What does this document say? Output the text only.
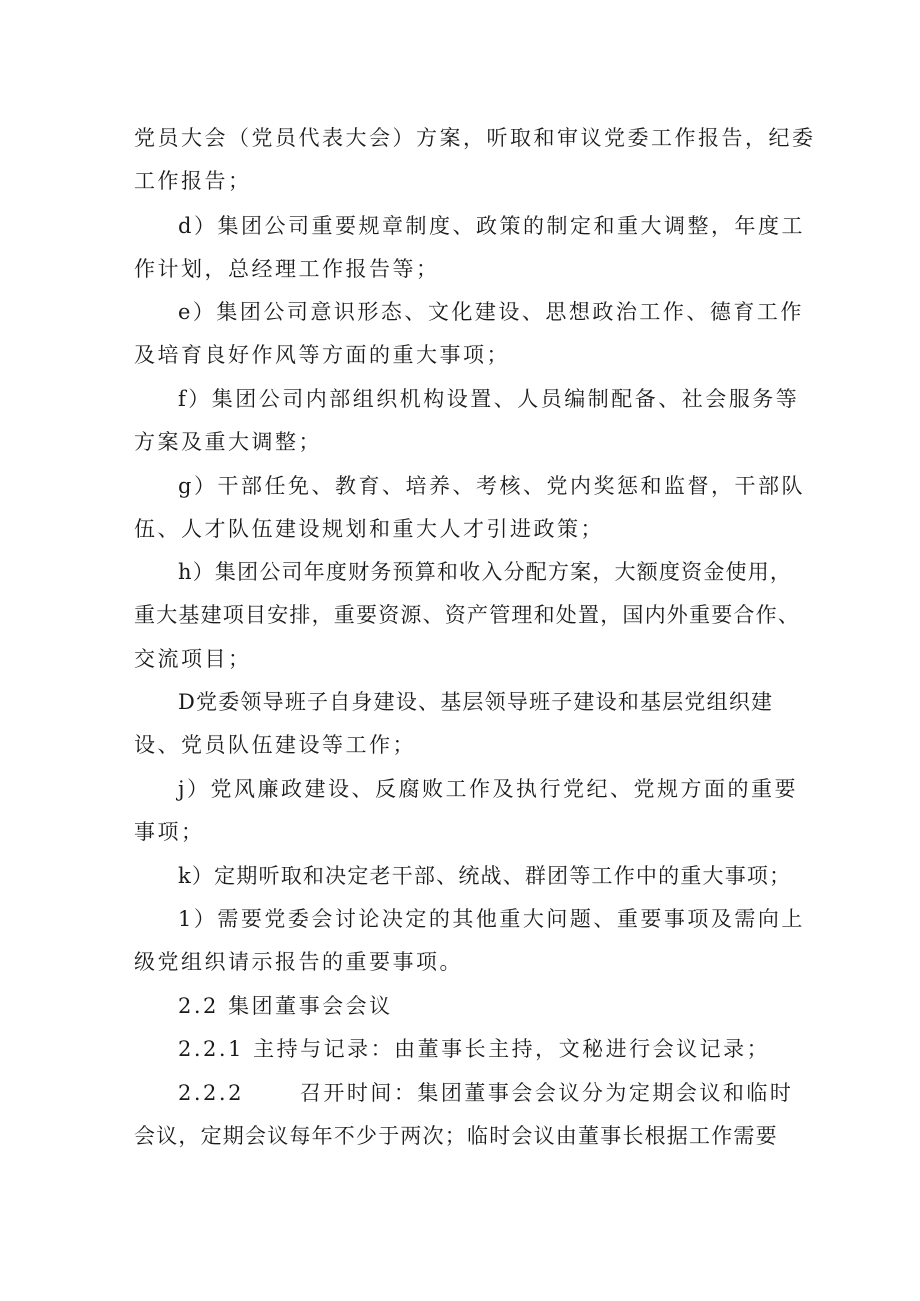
党员大会（党员代表大会）方案，听取和审议党委工作报告，纪委
工作报告；
d）集团公司重要规章制度、政策的制定和重大调整，年度工
作计划，总经理工作报告等；
e）集团公司意识形态、文化建设、思想政治工作、德育工作
及培育良好作风等方面的重大事项；
f）集团公司内部组织机构设置、人员编制配备、社会服务等
方案及重大调整；
g）干部任免、教育、培养、考核、党内奖惩和监督，干部队
伍、人才队伍建设规划和重大人才引进政策；
h）集团公司年度财务预算和收入分配方案，大额度资金使用，
重大基建项目安排，重要资源、资产管理和处置，国内外重要合作、
交流项目；
D党委领导班子自身建设、基层领导班子建设和基层党组织建
设、党员队伍建设等工作；
j）党风廉政建设、反腐败工作及执行党纪、党规方面的重要
事项；
k）定期听取和决定老干部、统战、群团等工作中的重大事项；
1）需要党委会讨论决定的其他重大问题、重要事项及需向上
级党组织请示报告的重要事项。
2.2 集团董事会会议
2.2.1 主持与记录：由董事长主持，文秘进行会议记录；
2.2.2	召开时间：集团董事会会议分为定期会议和临时
会议，定期会议每年不少于两次；临时会议由董事长根据工作需要
